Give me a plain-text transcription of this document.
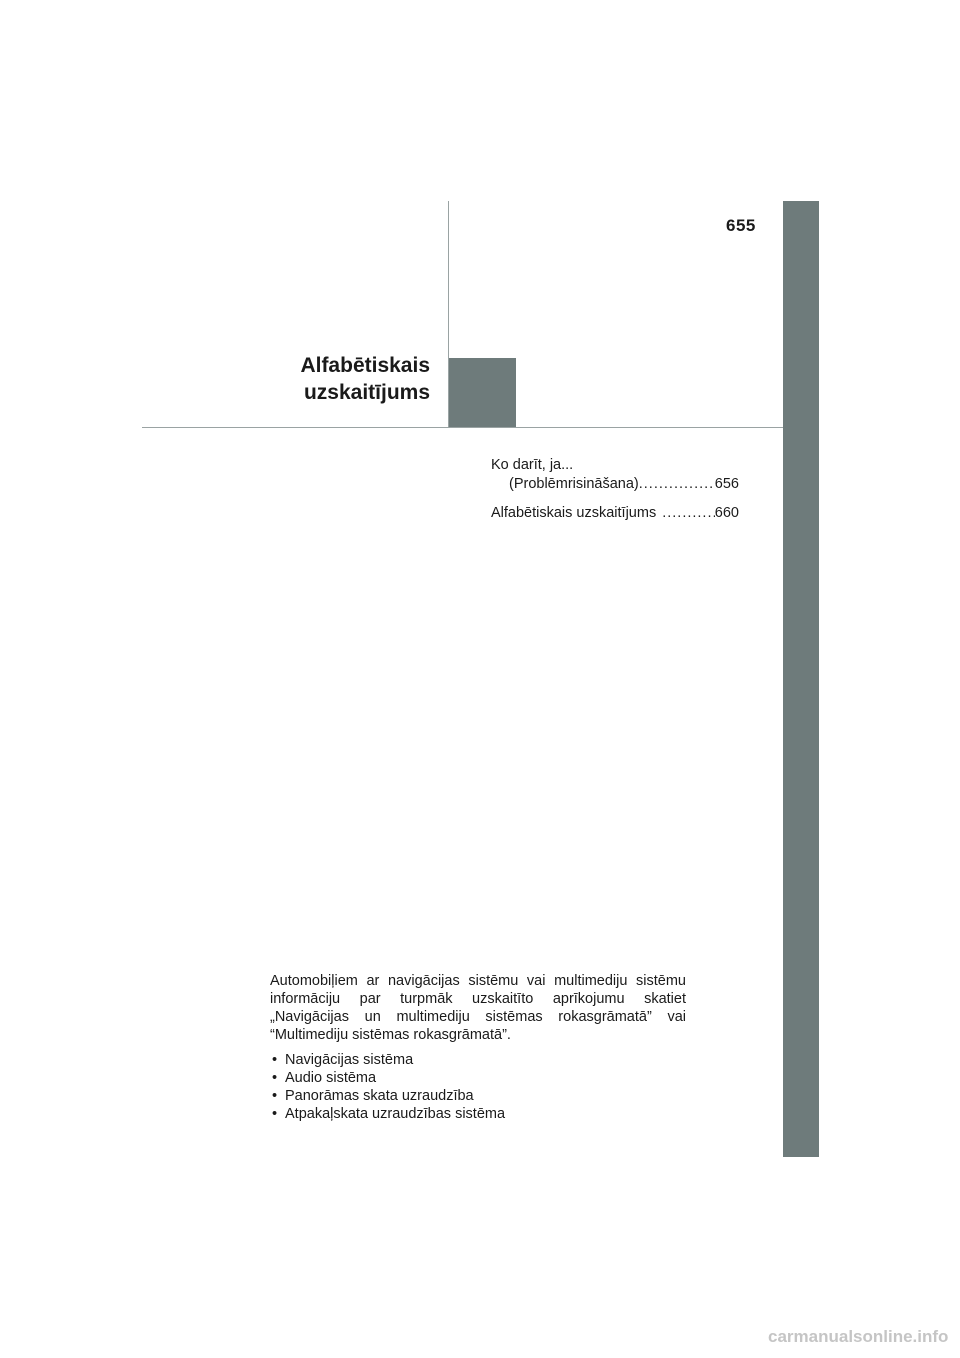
655
Alfabētiskais
uzskaitījums
Ko darīt, ja...
(Problēmrisināšana) .....	656
Alfabētiskais uzskaitījums .....	660

Automobiļiem ar navigācijas sistēmu vai multimediju sistēmu informāciju par turpmāk uzskaitīto aprīkojumu skatiet „Navigācijas un multimediju sistēmas rokasgrāmatā” vai “Multimediju sistēmas rokasgrāmatā”.

• Navigācijas sistēma
• Audio sistēma
• Panorāmas skata uzraudzība
• Atpakaļskata uzraudzības sistēma
carmanualsonline.info
